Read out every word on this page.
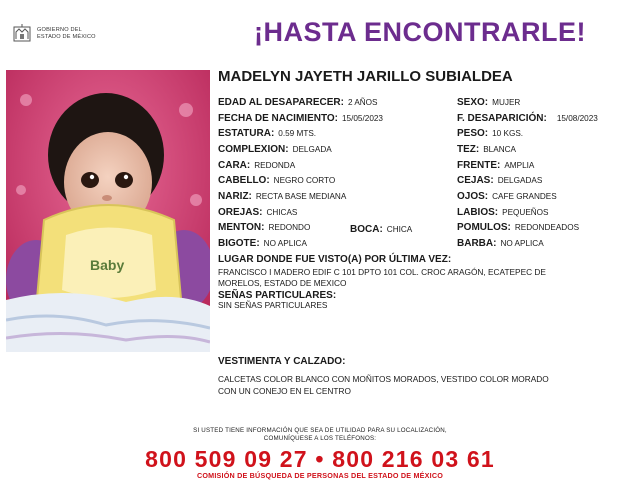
GOBIERNO DEL
ESTADO DE MÉXICO	¡HASTA ENCONTRARLE!
Baby
MADELYN JAYETH JARILLO SUBIALDEA
EDAD AL DESAPARECER: 2 AÑOS
FECHA DE NACIMIENTO: 15/05/2023
ESTATURA: 0.59 MTS.
COMPLEXION: DELGADA
CARA: REDONDA
CABELLO: NEGRO CORTO
NARIZ: RECTA BASE MEDIANA
OREJAS: CHICAS
MENTON: REDONDO	BOCA: CHICA
BIGOTE: NO APLICA
SEXO: MUJER
F. DESAPARICIÓN: 15/08/2023
PESO: 10 KGS.
TEZ: BLANCA
FRENTE: AMPLIA
CEJAS: DELGADAS
OJOS: CAFE GRANDES
LABIOS: PEQUEÑOS
POMULOS: REDONDEADOS
BARBA: NO APLICA
LUGAR DONDE FUE VISTO(A) POR ÚLTIMA VEZ:
FRANCISCO I MADERO EDIF C 101 DPTO 101 COL. CROC ARAGÓN, ECATEPEC DE
MORELOS, ESTADO DE MEXICO
SEÑAS PARTICULARES:
SIN SEÑAS PARTICULARES
VESTIMENTA Y CALZADO:
CALCETAS COLOR BLANCO CON MOÑITOS MORADOS, VESTIDO COLOR MORADO
CON UN CONEJO EN EL CENTRO
SI USTED TIENE INFORMACIÓN QUE SEA DE UTILIDAD PARA SU LOCALIZACIÓN,
COMUNÍQUESE A LOS TELÉFONOS:
800 509 09 27 • 800 216 03 61
COMISIÓN DE BÚSQUEDA DE PERSONAS DEL ESTADO DE MÉXICO
